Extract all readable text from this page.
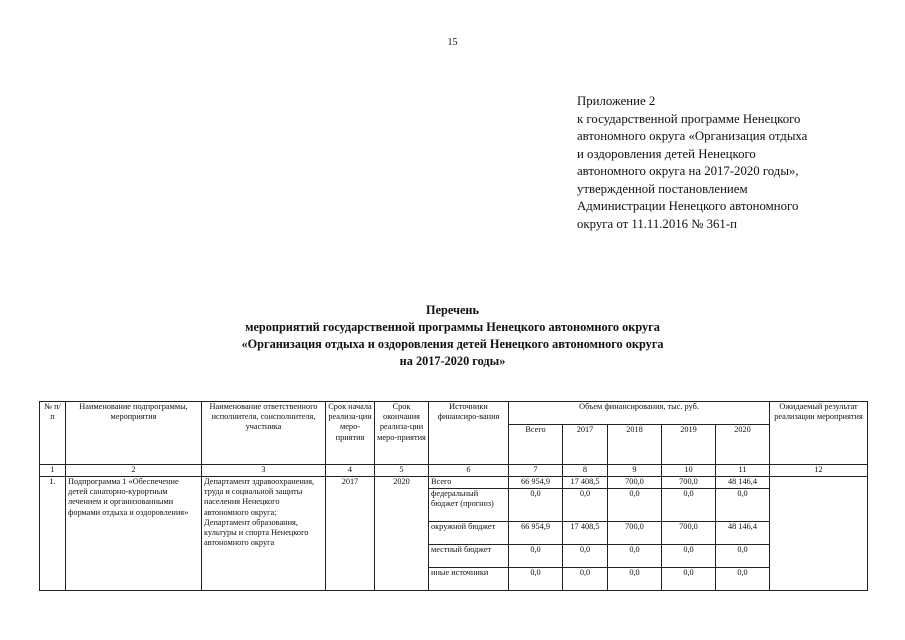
15
Приложение 2
к государственной программе Ненецкого
автономного округа «Организация отдыха
и оздоровления детей Ненецкого
автономного округа на 2017-2020 годы»,
утвержденной постановлением
Администрации Ненецкого автономного
округа от 11.11.2016 № 361-п
Перечень
мероприятий государственной программы Ненецкого автономного округа
«Организация отдыха и оздоровления детей Ненецкого автономного округа
на 2017-2020 годы»
№ п/п	Наименование подпрограммы, мероприятия	Наименование ответственного исполнителя, соисполнителя, участника	Срок начала реализа-ции меро-приятия	Срок окончания реализа-ции меро-приятия	Источники финансиро-вания	Объем финансирования, тыс. руб.					Ожидаемый результат реализации мероприятия
						Всего	2017	2018	2019	2020	
1	2	3	4	5	6	7	8	9	10	11	12
1.	Подпрограмма 1 «Обеспечение детей санаторно-курортным лечением и организованными формами отдыха и оздоровления»	Департамент здравоохранения, труда и социальной защиты населения Ненецкого автономного округа; Департамент образования, культуры и спорта Ненецкого автономного округа	2017	2020	Всего	66 954,9	17 408,5	700,0	700,0	48 146,4	
					федеральный бюджет (прогноз)	0,0	0,0	0,0	0,0	0,0	
					окружной бюджет	66 954,9	17 408,5	700,0	700,0	48 146,4	
					местный бюджет	0,0	0,0	0,0	0,0	0,0	
					иные источники	0,0	0,0	0,0	0,0	0,0	
